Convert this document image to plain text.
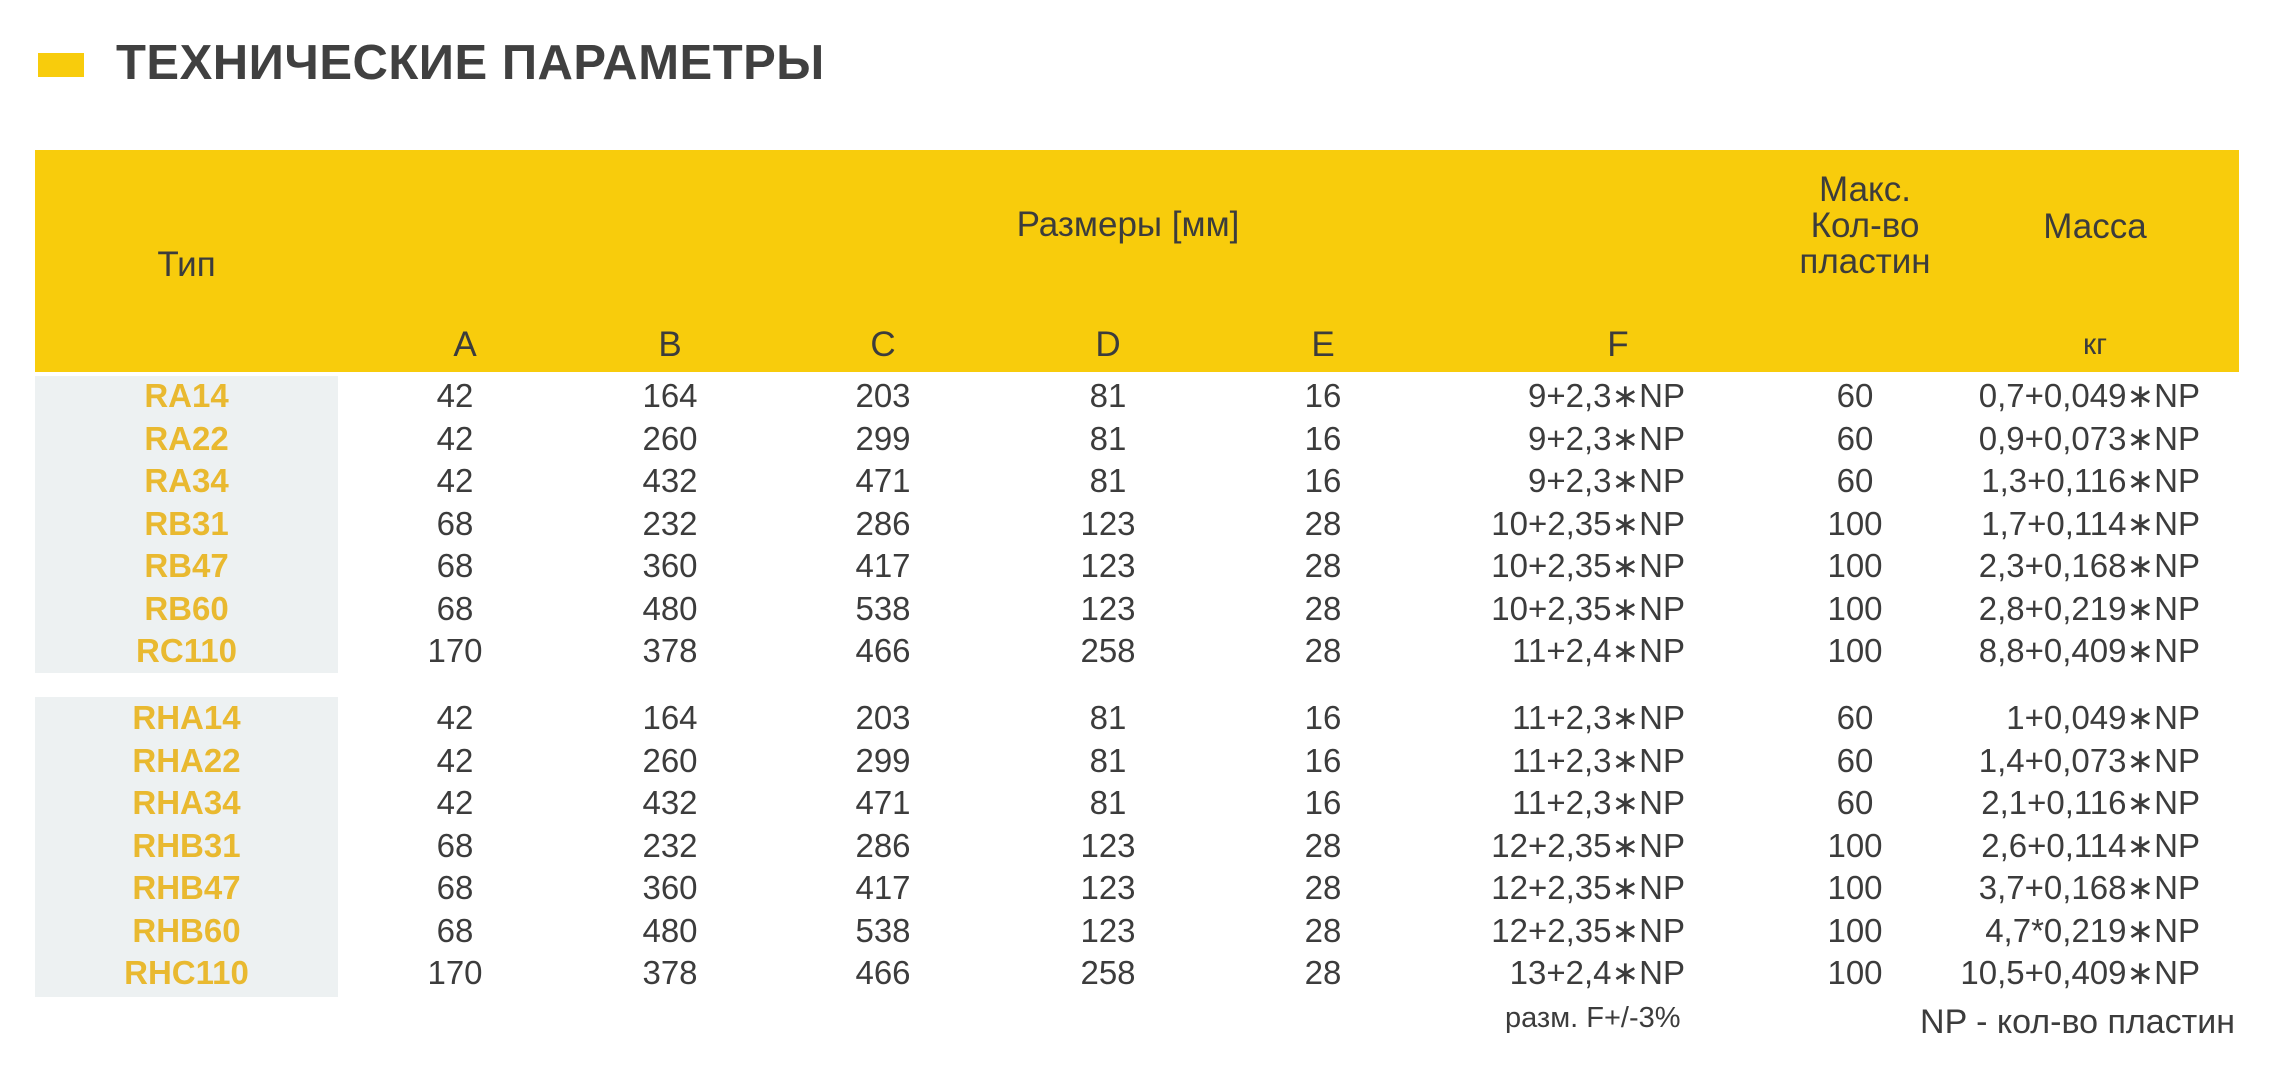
ТЕХНИЧЕСКИЕ ПАРАМЕТРЫ
Тип
Размеры [мм]
Макс.
Кол-во
пластин
Масса
кг
A	B	C	D	E	F
RA14	42	164	203	81	16	9+2,3∗NP	60	0,7+0,049∗NP
RA22	42	260	299	81	16	9+2,3∗NP	60	0,9+0,073∗NP
RA34	42	432	471	81	16	9+2,3∗NP	60	1,3+0,116∗NP
RB31	68	232	286	123	28	10+2,35∗NP	100	1,7+0,114∗NP
RB47	68	360	417	123	28	10+2,35∗NP	100	2,3+0,168∗NP
RB60	68	480	538	123	28	10+2,35∗NP	100	2,8+0,219∗NP
RC110	170	378	466	258	28	11+2,4∗NP	100	8,8+0,409∗NP
RHA14	42	164	203	81	16	11+2,3∗NP	60	1+0,049∗NP
RHA22	42	260	299	81	16	11+2,3∗NP	60	1,4+0,073∗NP
RHA34	42	432	471	81	16	11+2,3∗NP	60	2,1+0,116∗NP
RHB31	68	232	286	123	28	12+2,35∗NP	100	2,6+0,114∗NP
RHB47	68	360	417	123	28	12+2,35∗NP	100	3,7+0,168∗NP
RHB60	68	480	538	123	28	12+2,35∗NP	100	4,7*0,219∗NP
RHC110	170	378	466	258	28	13+2,4∗NP	100	10,5+0,409∗NP
разм. F+/-3%	NP - кол-во пластин
